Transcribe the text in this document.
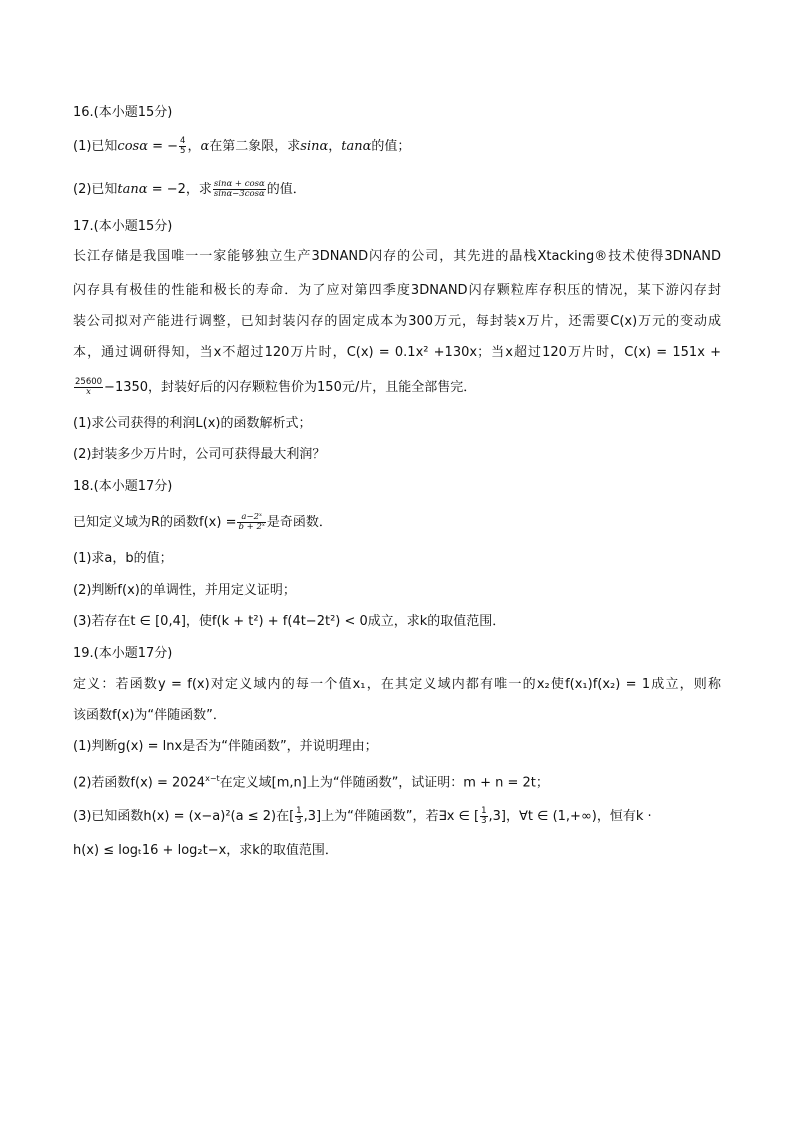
16.(本小题15分)
(1)已知cosα = − $\frac{4}{5}$ ，α在第二象限，求sinα，tanα的值；
(2)已知tanα = −2，求 $\frac{\sin\alpha + \cos\alpha}{\sin\alpha-3\cos\alpha}$ 的值．
17.(本小题15分)
长江存储是我国唯一一家能够独立生产3DNAND闪存的公司，其先进的晶栈Xtacking®技术使得3DNAND
闪存具有极佳的性能和极长的寿命．为了应对第四季度3DNAND闪存颗粒库存积压的情况，某下游闪存封
装公司拟对产能进行调整，已知封装闪存的固定成本为300万元，每封装x万片，还需要C(x)万元的变动成
本，通过调研得知，当x不超过120万片时，C(x) = 0.1x² +130x；当x超过120万片时，C(x) = 151x +
$\frac{25600}{x} -1350$，封装好后的闪存颗粒售价为150元/片，且能全部售完．
(1)求公司获得的利润L(x)的函数解析式；
(2)封装多少万片时，公司可获得最大利润？
18.(本小题17分)
已知定义域为R的函数$f(x) = \frac{\text{a−2ˣ}}{\text{b + 2ˣ}}$ 是奇函数．
(1)求a，b的值；
(2)判断f(x)的单调性，并用定义证明；
(3)若存在t ∈ [0,4]，使f(k + t²) + f(4t−2t²) < 0成立，求k的取值范围．
19.(本小题17分)
定义：若函数y = f(x)对定义域内的每一个值x₁，在其定义域内都有唯一的x₂使f(x₁)f(x₂) = 1成立，则称
该函数f(x)为“伴随函数”．
(1)判断g(x) = lnx是否为“伴随函数”，并说明理由；
(2)若函数$f(x) = 2024^{x-t}$在定义域[m,n]上为“伴随函数”，试证明：m + n = 2t；
(3)已知函数h(x) = (x−a)²(a ≤ 2)在[ $\frac{1}{3} ,3$]上为“伴随函数”，若∃x ∈ [ $\frac{1}{3} ,3$]，∀t ∈ (1,+∞)，恒有k ·
h(x) ≤ logₜ16 + log₂t−x，求k的取值范围．
